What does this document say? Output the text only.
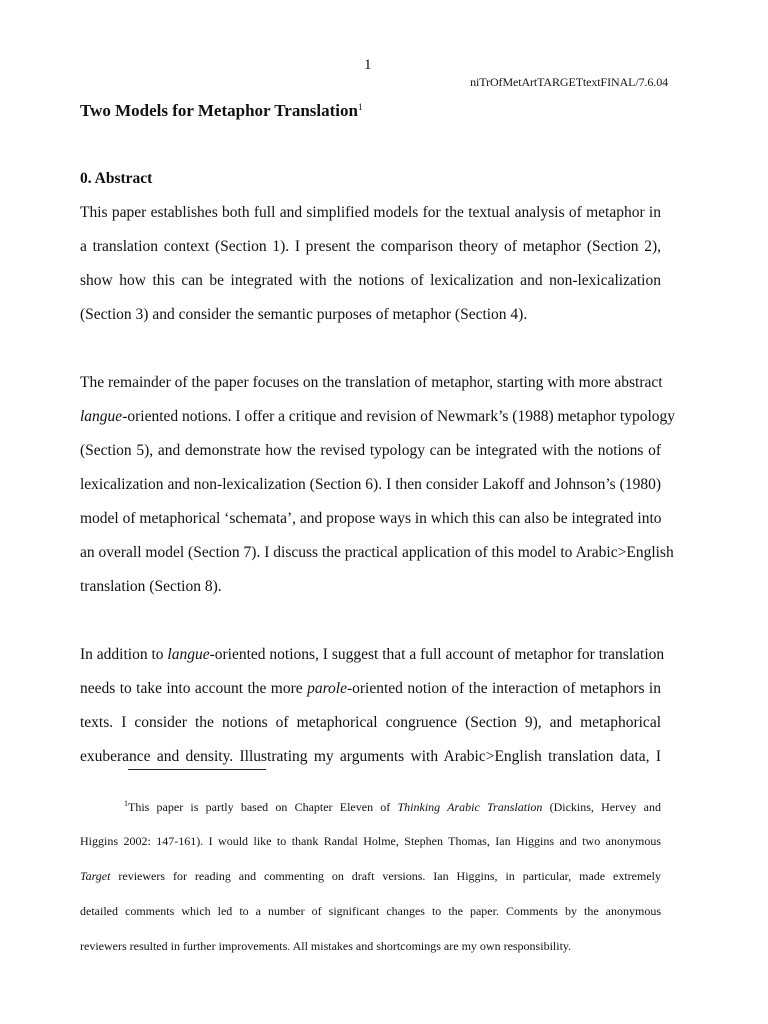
1
niTrOfMetArtTARGETtextFINAL/7.6.04
Two Models for Metaphor Translation$^1$
0. Abstract
This paper establishes both full and simplified models for the textual analysis of metaphor in
a translation context (Section 1). I present the comparison theory of metaphor (Section 2),
show how this can be integrated with the notions of lexicalization and non-lexicalization
(Section 3) and consider the semantic purposes of metaphor (Section 4).
The remainder of the paper focuses on the translation of metaphor, starting with more abstract
langue-oriented notions. I offer a critique and revision of Newmark’s (1988) metaphor typology
(Section 5), and demonstrate how the revised typology can be integrated with the notions of
lexicalization and non-lexicalization (Section 6). I then consider Lakoff and Johnson’s (1980)
model of metaphorical ‘schemata’, and propose ways in which this can also be integrated into
an overall model (Section 7). I discuss the practical application of this model to Arabic>English
translation (Section 8).
In addition to langue-oriented notions, I suggest that a full account of metaphor for translation
needs to take into account the more parole-oriented notion of the interaction of metaphors in
texts. I consider the notions of metaphorical congruence (Section 9), and metaphorical
exuberance and density. Illustrating my arguments with Arabic>English translation data, I
$^1$This paper is partly based on Chapter Eleven of Thinking Arabic Translation (Dickins, Hervey and
Higgins 2002: 147-161). I would like to thank Randal Holme, Stephen Thomas, Ian Higgins and two anonymous
Target reviewers for reading and commenting on draft versions. Ian Higgins, in particular, made extremely
detailed comments which led to a number of significant changes to the paper. Comments by the anonymous
reviewers resulted in further improvements. All mistakes and shortcomings are my own responsibility.
